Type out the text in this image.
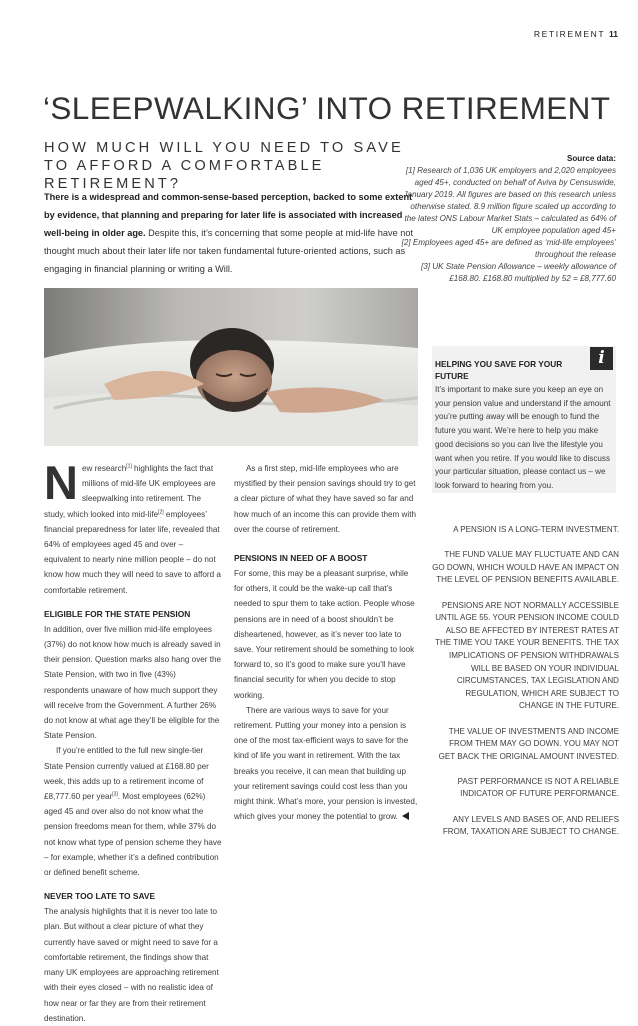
RETIREMENT 11
‘SLEEPWALKING’ INTO RETIREMENT
HOW MUCH WILL YOU NEED TO SAVE TO AFFORD A COMFORTABLE RETIREMENT?
There is a widespread and common-sense-based perception, backed to some extent by evidence, that planning and preparing for later life is associated with increased well-being in older age. Despite this, it’s concerning that some people at mid-life have not thought much about their later life nor taken fundamental future-oriented actions, such as engaging in financial planning or writing a Will.
Source data:
[1] Research of 1,036 UK employers and 2,020 employees aged 45+, conducted on behalf of Aviva by Censuswide, January 2019. All figures are based on this research unless otherwise stated. 8.9 million figure scaled up according to the latest ONS Labour Market Stats – calculated as 64% of UK employee population aged 45+
[2] Employees aged 45+ are defined as ‘mid-life employees’ throughout the release
[3] UK State Pension Allowance – weekly allowance of £168.80. £168.80 multiplied by 52 = £8,777.60

New research[1] highlights the fact that millions of mid-life UK employees are sleepwalking into retirement. The study, which looked into mid-life[2] employees’ financial preparedness for later life, revealed that 64% of employees aged 45 and over – equivalent to nearly nine million people – do not know how much they will need to save to afford a comfortable retirement.

ELIGIBLE FOR THE STATE PENSION

In addition, over five million mid-life employees (37%) do not know how much is already saved in their pension. Question marks also hang over the State Pension, with two in five (43%) respondents unaware of how much support they will receive from the Government. A further 26% do not know at what age they’ll be eligible for the State Pension.

If you’re entitled to the full new single-tier State Pension currently valued at £168.80 per week, this adds up to a retirement income of £8,777.60 per year[3]. Most employees (62%) aged 45 and over also do not know what the pension freedoms mean for them, while 37% do not know what type of pension scheme they have – for example, whether it’s a defined contribution or defined benefit scheme.

NEVER TOO LATE TO SAVE

The analysis highlights that it is never too late to plan. But without a clear picture of what they currently have saved or might need to save for a comfortable retirement, the findings show that many UK employees are approaching retirement with their eyes closed – with no realistic idea of how near or far they are from their retirement destination.

As a first step, mid-life employees who are mystified by their pension savings should try to get a clear picture of what they have saved so far and how much of an income this can provide them with over the course of retirement.

PENSIONS IN NEED OF A BOOST

For some, this may be a pleasant surprise, while for others, it could be the wake-up call that’s needed to spur them to take action. People whose pensions are in need of a boost shouldn’t be disheartened, however, as it’s never too late to save. Your retirement should be something to look forward to, so it’s good to make sure you’ll have financial security for when you decide to stop working.

There are various ways to save for your retirement. Putting your money into a pension is one of the most tax-efficient ways to save for the kind of life you want in retirement. With the tax breaks you receive, it can mean that building up your retirement savings could cost less than you might think. What’s more, your pension is invested, which gives your money the potential to grow.

i
HELPING YOU SAVE FOR YOUR FUTURE
It’s important to make sure you keep an eye on your pension value and understand if the amount you’re putting away will be enough to fund the future you want. We’re here to help you make good decisions so you can live the lifestyle you want when you retire. If you would like to discuss your particular situation, please contact us – we look forward to hearing from you.

A PENSION IS A LONG-TERM INVESTMENT.

THE FUND VALUE MAY FLUCTUATE AND CAN GO DOWN, WHICH WOULD HAVE AN IMPACT ON THE LEVEL OF PENSION BENEFITS AVAILABLE.

PENSIONS ARE NOT NORMALLY ACCESSIBLE UNTIL AGE 55. YOUR PENSION INCOME COULD ALSO BE AFFECTED BY INTEREST RATES AT THE TIME YOU TAKE YOUR BENEFITS. THE TAX IMPLICATIONS OF PENSION WITHDRAWALS WILL BE BASED ON YOUR INDIVIDUAL CIRCUMSTANCES, TAX LEGISLATION AND REGULATION, WHICH ARE SUBJECT TO CHANGE IN THE FUTURE.

THE VALUE OF INVESTMENTS AND INCOME FROM THEM MAY GO DOWN. YOU MAY NOT GET BACK THE ORIGINAL AMOUNT INVESTED.

PAST PERFORMANCE IS NOT A RELIABLE INDICATOR OF FUTURE PERFORMANCE.

ANY LEVELS AND BASES OF, AND RELIEFS FROM, TAXATION ARE SUBJECT TO CHANGE.
